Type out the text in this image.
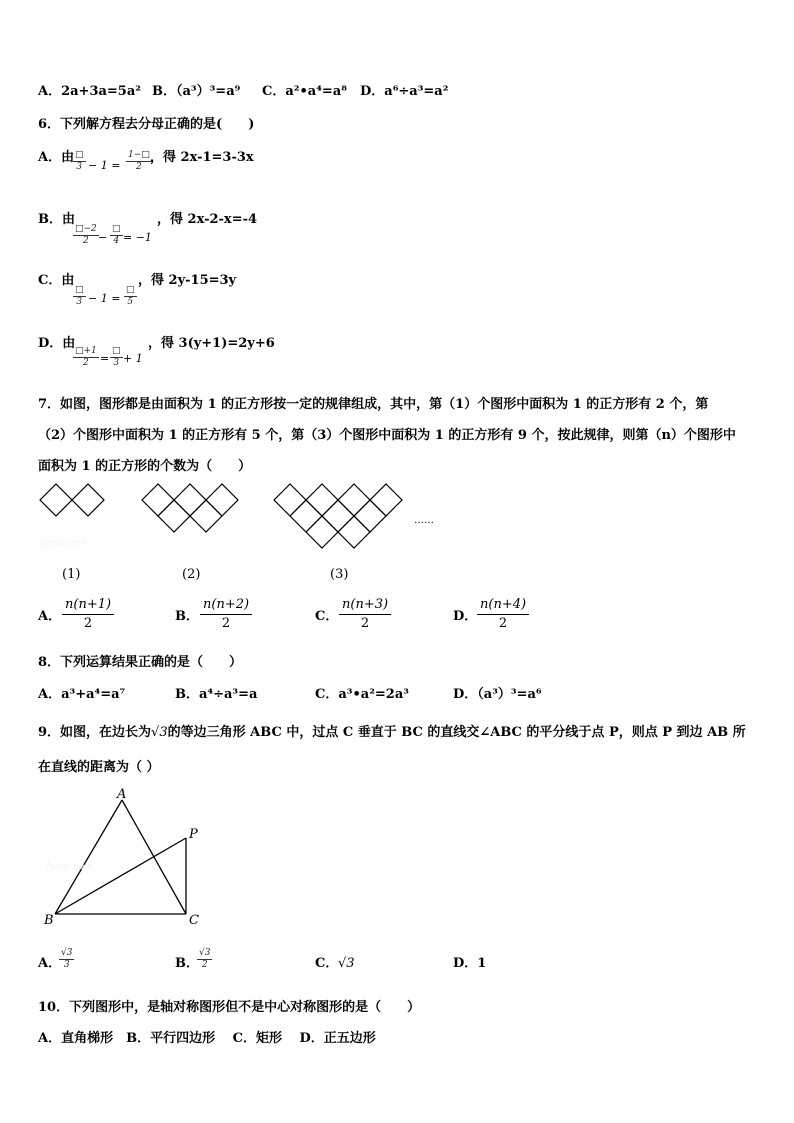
A．2a+3a=5a² B．（a³）³=a⁹ C．a²•a⁴=a⁸ D．a⁶÷a³=a²
6．下列解方程去分母正确的是(　　)
A．由 □
$3 - 1 = \frac{1-□}{2}$
，得 2x-1=3-3x
B．由
$\frac{□-2}{2}$ −
□
4 = −1
，得 2x-2-x=-4
C．由
□
3 − 1 =
□
5
，得 2y-15=3y
D．由
$\frac{□+1}{2}$ =
□
3 + 1
，得 3(y+1)=2y+6
7．如图，图形都是由面积为 1 的正方形按一定的规律组成，其中，第（1）个图形中面积为 1 的正方形有 2 个，第
（2）个图形中面积为 1 的正方形有 5 个，第（3）个图形中面积为 1 的正方形有 9 个，按此规律，则第（n）个图形中
面积为 1 的正方形的个数为（　　）
……
Jyeoo.com
(1)	(2)	(3)
A． $\frac{n(n+1)}{2}$	B． $\frac{n(n+2)}{2}$	C． $\frac{n(n+3)}{2}$	D． $\frac{n(n+4)}{2}$
8．下列运算结果正确的是（　　）
A．a³+a⁴=a⁷	B．a⁴÷a³=a	C．a³•a²=2a³	D．（a³）³=a⁶
9．如图，在边长为√3的等边三角形 ABC 中，过点 C 垂直于 BC 的直线交∠ABC 的平分线于点 P，则点 P 到边 AB 所
在直线的距离为（ ）
A
B	C
P
Jyeoo.com
A．
$\frac{√3}{3}$	B．
$\frac{√3}{2}$	C． √3	D．1
10．下列图形中，是轴对称图形但不是中心对称图形的是（　　）
A．直角梯形　B．平行四边形　 C．矩形　 D．正五边形
